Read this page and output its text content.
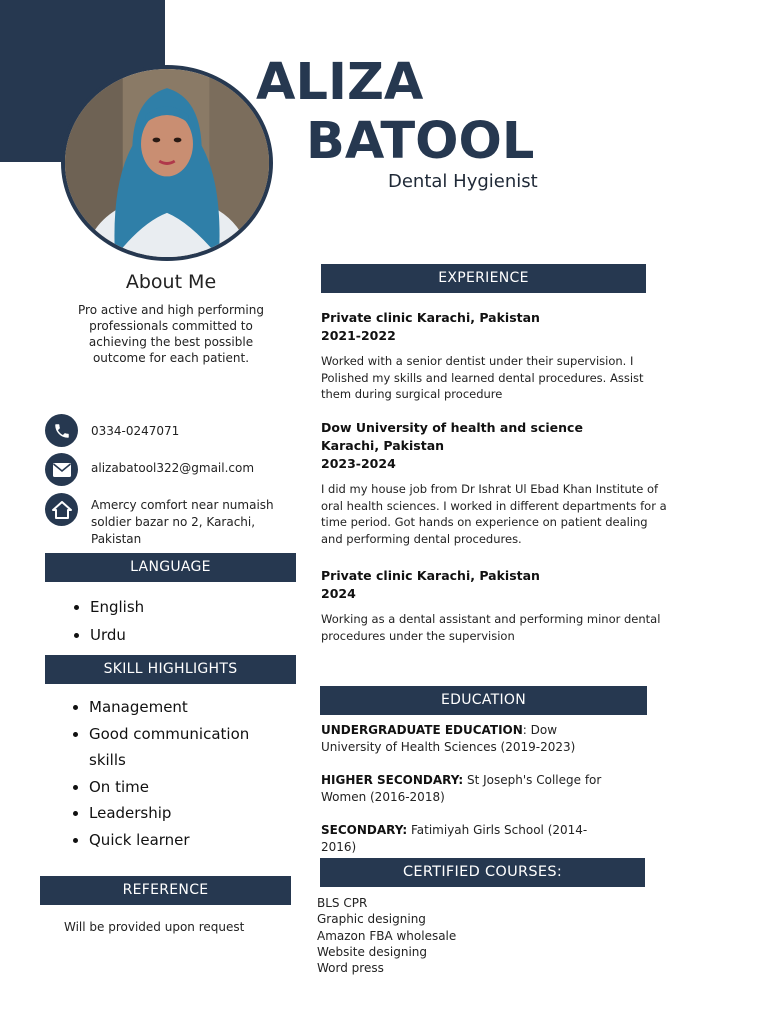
ALIZA
BATOOL
Dental Hygienist
About Me
Pro active and high performing
professionals committed to
achieving the best possible
outcome for each patient.
0334-0247071
alizabatool322@gmail.com
Amercy comfort near numaish
soldier bazar no 2, Karachi,
Pakistan
LANGUAGE
• English
• Urdu
SKILL HIGHLIGHTS
• Management
• Good communication
skills
• On time
• Leadership
• Quick learner
REFERENCE
Will be provided upon request
EXPERIENCE
Private clinic Karachi, Pakistan
2021-2022
Worked with a senior dentist under their supervision. I
Polished my skills and learned dental procedures. Assist
them during surgical procedure
Dow University of health and science
Karachi, Pakistan
2023-2024
I did my house job from Dr Ishrat Ul Ebad Khan Institute of
oral health sciences. I worked in different departments for a
time period. Got hands on experience on patient dealing
and performing dental procedures.
Private clinic Karachi, Pakistan
2024
Working as a dental assistant and performing minor dental
procedures under the supervision
EDUCATION
UNDERGRADUATE EDUCATION: Dow
University of Health Sciences (2019-2023)
HIGHER SECONDARY: St Joseph's College for
Women (2016-2018)
SECONDARY: Fatimiyah Girls School (2014-
2016)
CERTIFIED COURSES:
BLS CPR
Graphic designing
Amazon FBA wholesale
Website designing
Word press
